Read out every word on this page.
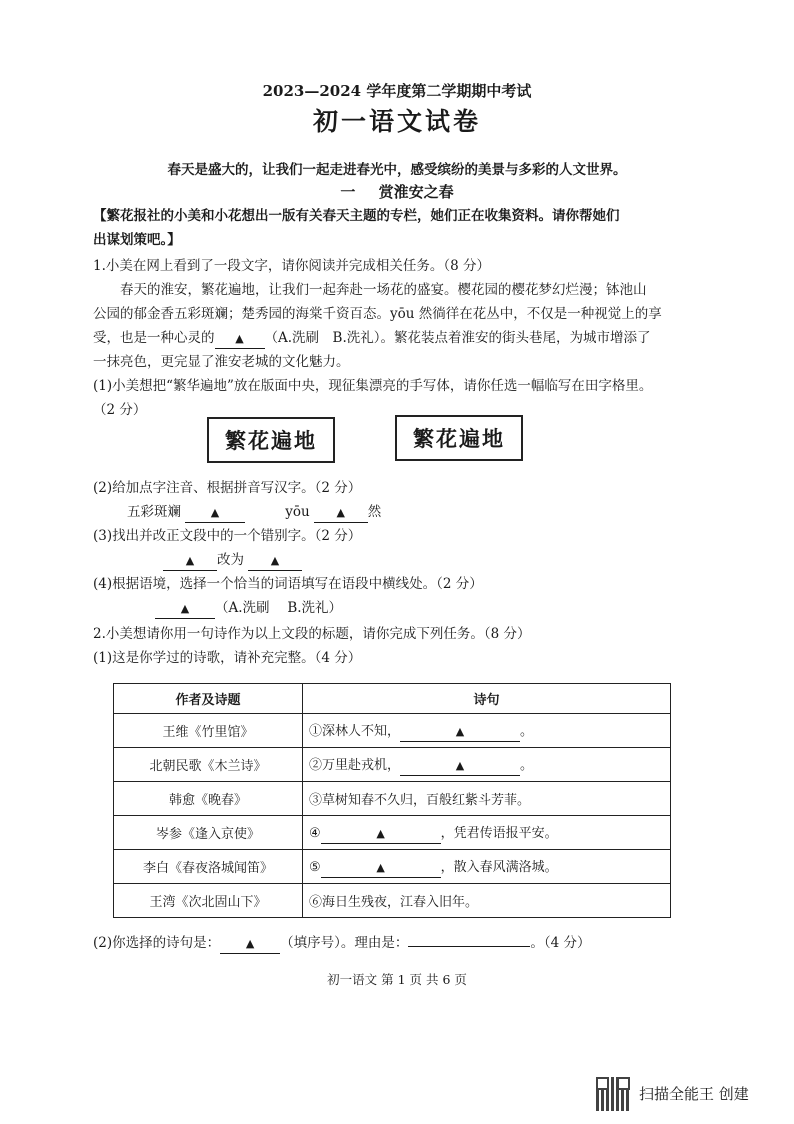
2023—2024 学年度第二学期期中考试
初一语文试卷
春天是盛大的，让我们一起走进春光中，感受缤纷的美景与多彩的人文世界。
一 赏淮安之春
【繁花报社的小美和小花想出一版有关春天主题的专栏，她们正在收集资料。请你帮她们
出谋划策吧。】
1.小美在网上看到了一段文字，请你阅读并完成相关任务。（8 分）
春天的淮安，繁花遍地，让我们一起奔赴一场花的盛宴。樱花园的樱花梦幻烂漫；钵池山
公园的郁金香五彩斑斓；楚秀园的海棠千资百态。yōu 然徜徉在花丛中，不仅是一种视觉上的享
受，也是一种心灵的 ▲ （A.洗刷　B.洗礼）。繁花装点着淮安的街头巷尾，为城市增添了
一抹亮色，更完显了淮安老城的文化魅力。
(1)小美想把“繁华遍地”放在版面中央，现征集漂亮的手写体，请你任选一幅临写在田字格里。
（2 分）
繁花遍地	繁花遍地
(2)给加点字注音、根据拼音写汉字。（2 分）
五彩斑斓	▲	yōu ▲ 然
(3)找出并改正文段中的一个错别字。（2 分）
▲ 改为 ▲
(4)根据语境，选择一个恰当的词语填写在语段中横线处。（2 分）
▲ （A.洗刷　 B.洗礼）
2.小美想请你用一句诗作为以上文段的标题，请你完成下列任务。（8 分）
(1)这是你学过的诗歌，请补充完整。（4 分）
作者及诗题	诗句
王维《竹里馆》	①深林人不知， ▲ 。
北朝民歌《木兰诗》	②万里赴戎机， ▲ 。
韩愈《晚春》	③草树知春不久归，百般红紫斗芳菲。
岑参《逢入京使》	④ ▲ ，凭君传语报平安。
李白《春夜洛城闻笛》	⑤ ▲ ，散入春风满洛城。
王湾《次北固山下》	⑥海日生残夜，江春入旧年。
(2)你选择的诗句是： ▲ （填序号）。理由是：	。（4 分）
初一语文 第 1 页 共 6 页
扫描全能王 创建
